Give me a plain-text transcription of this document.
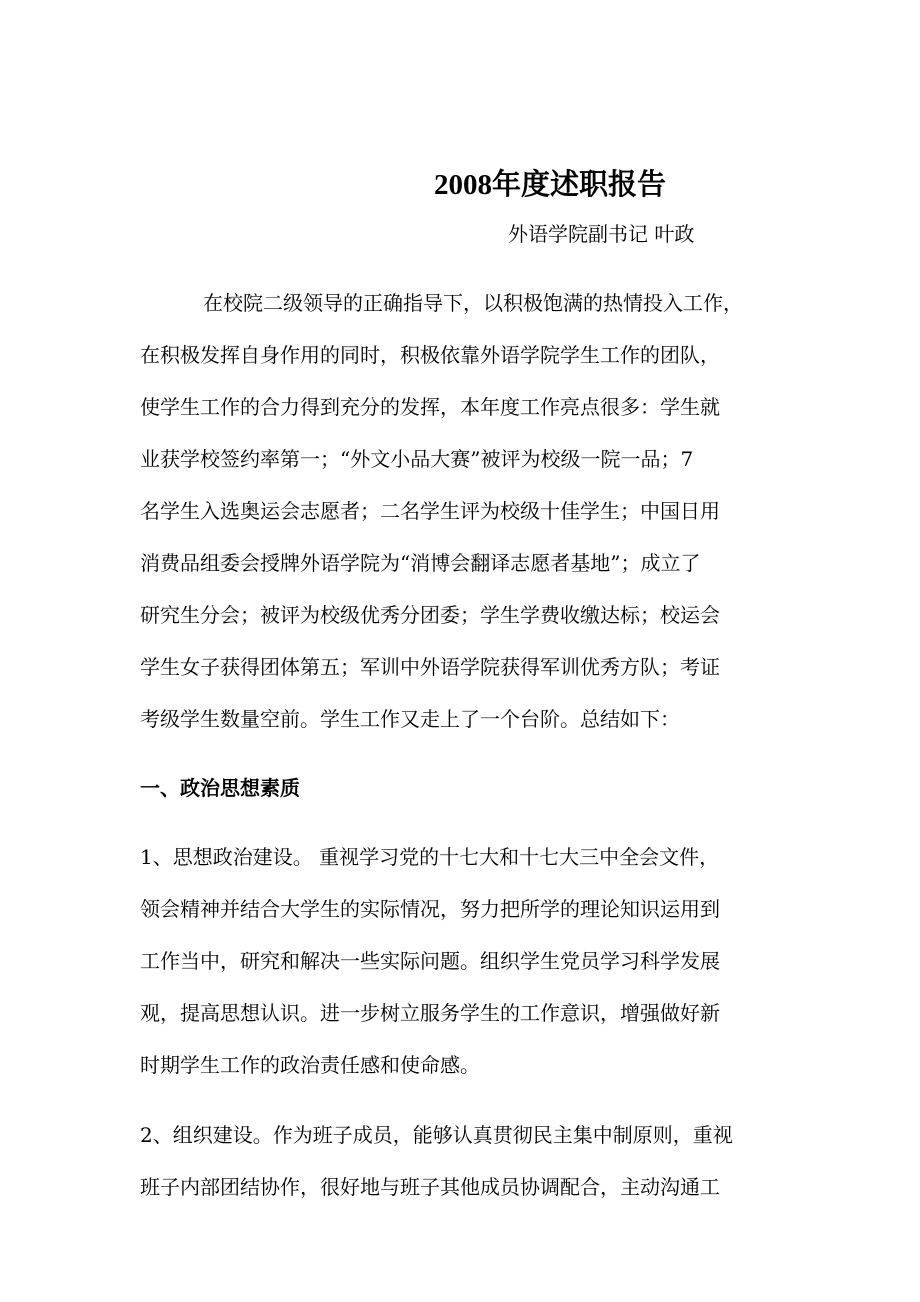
2008年度述职报告
外语学院副书记 叶政
在校院二级领导的正确指导下，以积极饱满的热情投入工作，
在积极发挥自身作用的同时，积极依靠外语学院学生工作的团队，
使学生工作的合力得到充分的发挥，本年度工作亮点很多：学生就
业获学校签约率第一；“外文小品大赛”被评为校级一院一品；7
名学生入选奥运会志愿者；二名学生评为校级十佳学生；中国日用
消费品组委会授牌外语学院为“消博会翻译志愿者基地”；成立了
研究生分会；被评为校级优秀分团委；学生学费收缴达标；校运会
学生女子获得团体第五；军训中外语学院获得军训优秀方队；考证
考级学生数量空前。学生工作又走上了一个台阶。总结如下：
一、政治思想素质
1、思想政治建设。 重视学习党的十七大和十七大三中全会文件，
领会精神并结合大学生的实际情况，努力把所学的理论知识运用到
工作当中，研究和解决一些实际问题。组织学生党员学习科学发展
观，提高思想认识。进一步树立服务学生的工作意识，增强做好新
时期学生工作的政治责任感和使命感。
2、组织建设。作为班子成员，能够认真贯彻民主集中制原则，重视
班子内部团结协作，很好地与班子其他成员协调配合，主动沟通工
